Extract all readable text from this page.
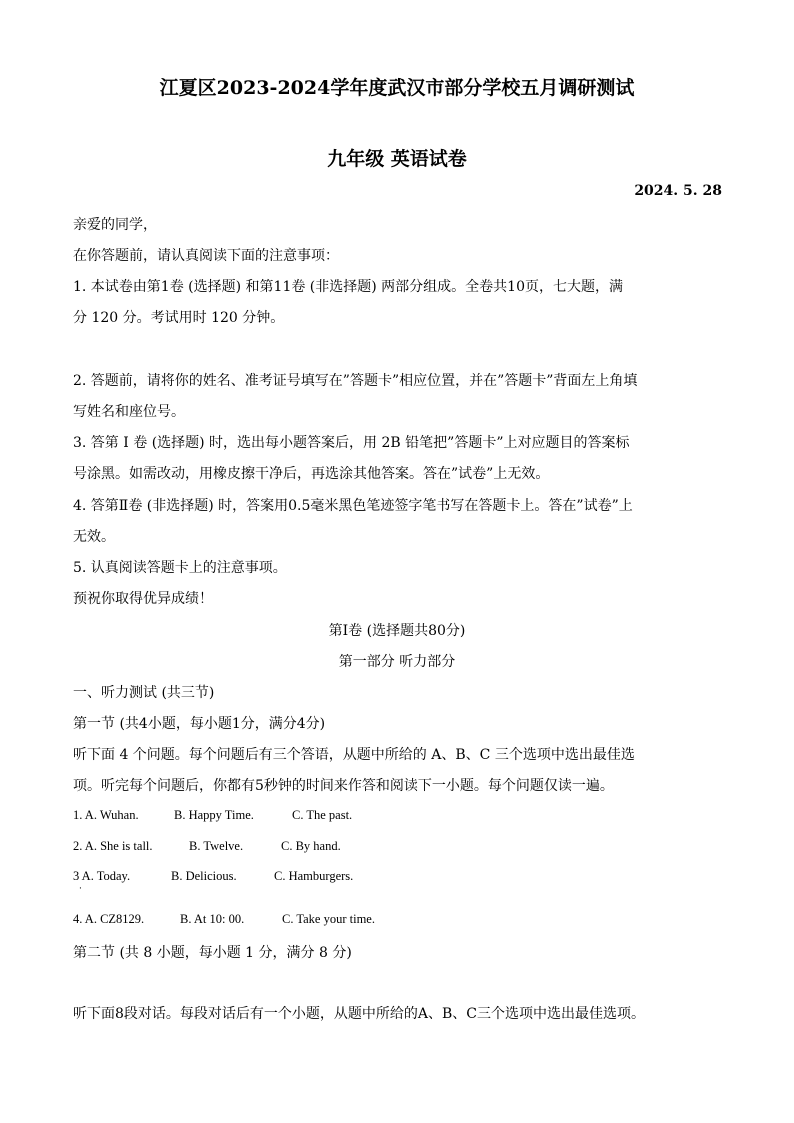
江夏区2023-2024学年度武汉市部分学校五月调研测试
九年级 英语试卷
2024. 5. 28
亲爱的同学，
在你答题前，请认真阅读下面的注意事项：
1. 本试卷由第1卷 (选择题) 和第11卷 (非选择题) 两部分组成。全卷共10页，七大题，满
分 120 分。考试用时 120 分钟。
2. 答题前，请将你的姓名、准考证号填写在”答题卡”相应位置，并在”答题卡”背面左上角填
写姓名和座位号。
3. 答第 Ⅰ 卷 (选择题) 时，选出每小题答案后，用 2B 铅笔把”答题卡”上对应题目的答案标
号涂黑。如需改动，用橡皮擦干净后，再选涂其他答案。答在”试卷”上无效。
4. 答第Ⅱ卷 (非选择题) 时，答案用0.5毫米黑色笔迹签字笔书写在答题卡上。答在”试卷”上
无效。
5. 认真阅读答题卡上的注意事项。
预祝你取得优异成绩！
第Ⅰ卷 (选择题共80分)
第一部分 听力部分
一、听力测试 (共三节)
第一节 (共4小题，每小题1分，满分4分)
听下面 4 个问题。每个问题后有三个答语，从题中所给的 A、B、C 三个选项中选出最佳选
项。听完每个问题后，你都有5秒钟的时间来作答和阅读下一小题。每个问题仅读一遍。
1. A. Wuhan.	B. Happy Time.	C. The past.
2. A. She is tall.	B. Twelve.	C. By hand.
3 A. Today.	B. Delicious.	C. Hamburgers.
·
4. A. CZ8129.	B. At 10: 00.	C. Take your time.
第二节 (共 8 小题，每小题 1 分，满分 8 分)
听下面8段对话。每段对话后有一个小题，从题中所给的A、B、C三个选项中选出最佳选项。
